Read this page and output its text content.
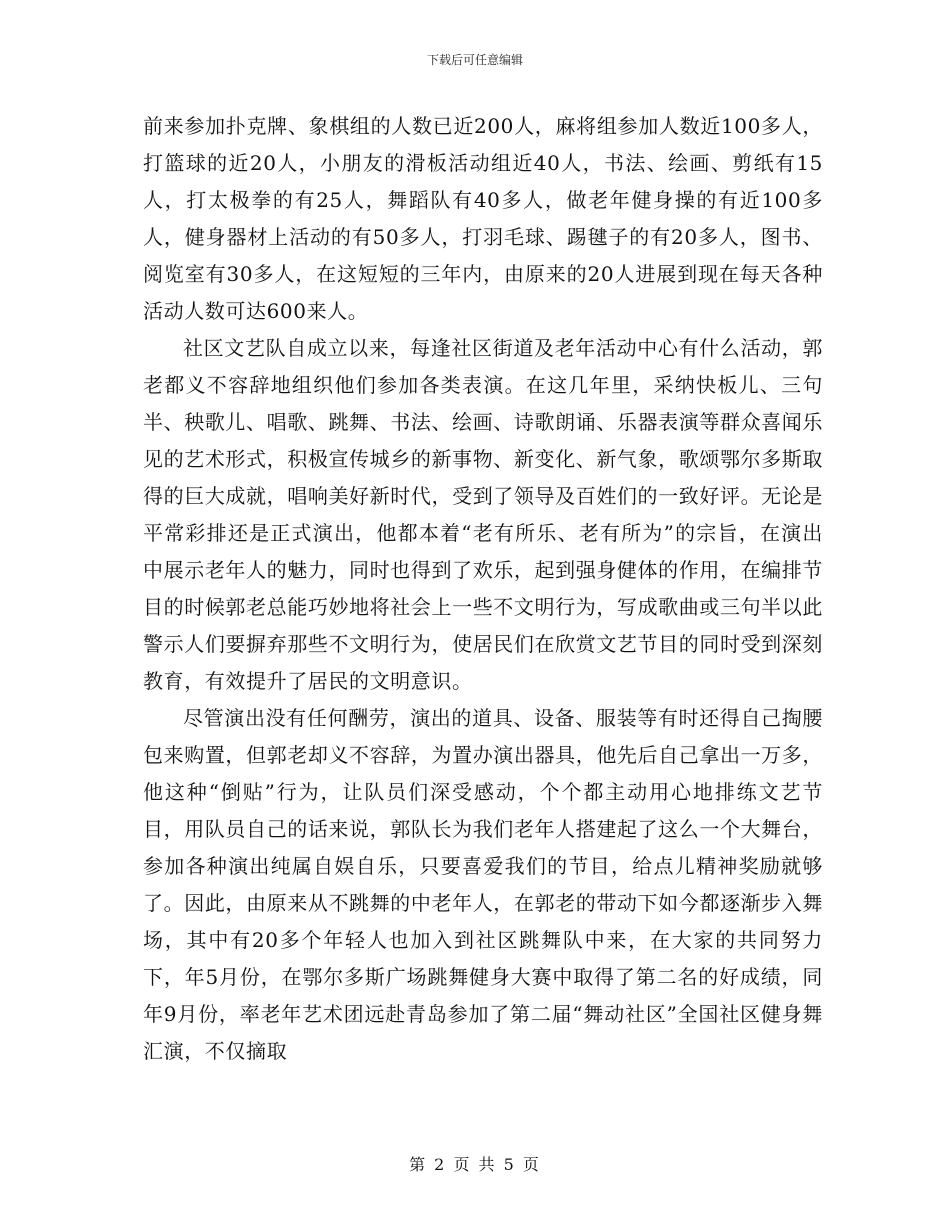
下载后可任意编辑

前来参加扑克牌、象棋组的人数已近200人，麻将组参加人数近100多人，打篮球的近20人，小朋友的滑板活动组近40人，书法、绘画、剪纸有15人，打太极拳的有25人，舞蹈队有40多人，做老年健身操的有近100多人，健身器材上活动的有50多人，打羽毛球、踢毽子的有20多人，图书、阅览室有30多人，在这短短的三年内，由原来的20人进展到现在每天各种活动人数可达600来人。

社区文艺队自成立以来，每逢社区街道及老年活动中心有什么活动，郭老都义不容辞地组织他们参加各类表演。在这几年里，采纳快板儿、三句半、秧歌儿、唱歌、跳舞、书法、绘画、诗歌朗诵、乐器表演等群众喜闻乐见的艺术形式，积极宣传城乡的新事物、新变化、新气象，歌颂鄂尔多斯取得的巨大成就，唱响美好新时代，受到了领导及百姓们的一致好评。无论是平常彩排还是正式演出，他都本着“老有所乐、老有所为”的宗旨，在演出中展示老年人的魅力，同时也得到了欢乐，起到强身健体的作用，在编排节目的时候郭老总能巧妙地将社会上一些不文明行为，写成歌曲或三句半以此警示人们要摒弃那些不文明行为，使居民们在欣赏文艺节目的同时受到深刻教育，有效提升了居民的文明意识。

尽管演出没有任何酬劳，演出的道具、设备、服装等有时还得自己掏腰包来购置，但郭老却义不容辞，为置办演出器具，他先后自己拿出一万多，他这种“倒贴”行为，让队员们深受感动，个个都主动用心地排练文艺节目，用队员自己的话来说，郭队长为我们老年人搭建起了这么一个大舞台，参加各种演出纯属自娱自乐，只要喜爱我们的节目，给点儿精神奖励就够了。因此，由原来从不跳舞的中老年人，在郭老的带动下如今都逐渐步入舞场，其中有20多个年轻人也加入到社区跳舞队中来，在大家的共同努力下，年5月份，在鄂尔多斯广场跳舞健身大赛中取得了第二名的好成绩，同年9月份，率老年艺术团远赴青岛参加了第二届“舞动社区”全国社区健身舞汇演，不仅摘取

第 2 页 共 5 页
